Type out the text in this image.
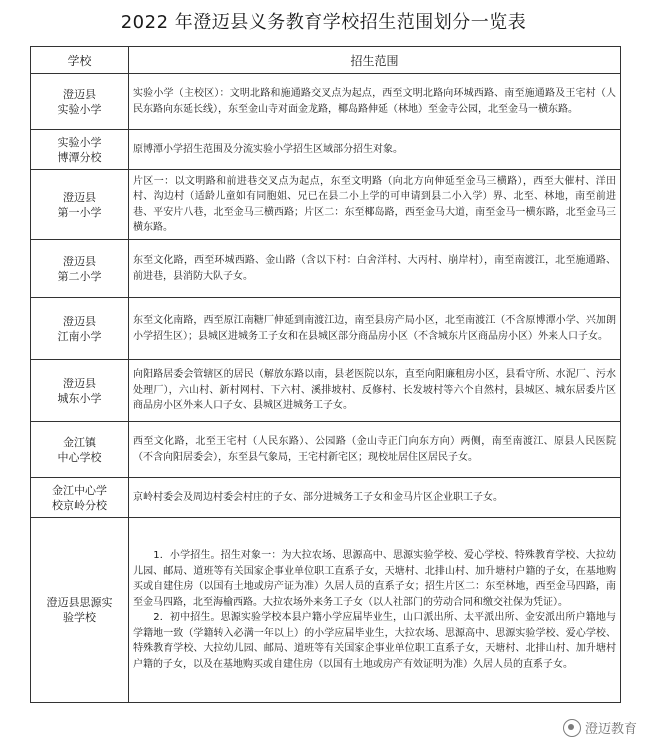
2022 年澄迈县义务教育学校招生范围划分一览表
学校	招生范围
澄迈县
实验小学	实验小学（主校区）：文明北路和施通路交叉点为起点，西至文明北路向环城西路、南至施通路及王宅村（人民东路向东延长线），东至金山寺对面金龙路，椰岛路伸延（林地）至金寺公园，北至金马一横东路。
实验小学
博潭分校	原博潭小学招生范围及分流实验小学招生区域部分招生对象。
澄迈县
第一小学	片区一：以文明路和前进巷交叉点为起点，东至文明路（向北方向伸延至金马三横路），西至大催村、洋田村、沟边村（适龄儿童如有同胞姐、兄已在县二小上学的可申请到县二小入学）界、北至、林地，南至前进巷、平安片八巷，北至金马三横西路；片区二：东至椰岛路，西至金马大道，南至金马一横东路，北至金马三横东路。
澄迈县
第二小学	东至文化路，西至环城西路、金山路（含以下村：白舍洋村、大丙村、崩岸村），南至南渡江，北至施通路、前进巷，县消防大队子女。
澄迈县
江南小学	东至文化南路，西至原江南糖厂伸延到南渡江边，南至县房产局小区，北至南渡江（不含原博潭小学、兴加朗小学招生区）；县城区进城务工子女和在县城区部分商品房小区（不含城东片区商品房小区）外来人口子女。
澄迈县
城东小学	向阳路居委会管辖区的居民（解放东路以南，县老医院以东，直至向阳廉租房小区，县看守所、水泥厂、污水处理厂），六山村、新村网村、下六村、溪排坡村、反修村、长发坡村等六个自然村，县城区、城东居委片区商品房小区外来人口子女、县城区进城务工子女。
金江镇
中心学校	西至文化路，北至王宅村（人民东路）、公园路（金山寺正门向东方向）两侧，南至南渡江、原县人民医院（不含向阳居委会），东至县气象局，王宅村新宅区；现校址居住区居民子女。
金江中心学
校京岭分校	京岭村委会及周边村委会村庄的子女、部分进城务工子女和金马片区企业职工子女。
澄迈县思源实
验学校	　　1．小学招生。招生对象一：为大拉农场、思源高中、思源实验学校、爱心学校、特殊教育学校、大拉幼儿园、邮局、道班等有关国家企事业单位职工直系子女，天塘村、北排山村、加升塘村户籍的子女，在基地购买或自建住房（以国有土地或房产证为准）久居人员的直系子女；招生片区二：东至林地，西至金马四路，南至金马四路，北至海榆西路。大拉农场外来务工子女（以人社部门的劳动合同和缴交社保为凭证）。
　　2．初中招生。思源实验学校本县户籍小学应届毕业生，山口派出所、太平派出所、金安派出所户籍地与学籍地一致（学籍转入必满一年以上）的小学应届毕业生，大拉农场、思源高中、思源实验学校、爱心学校、特殊教育学校、大拉幼儿园、邮局、道班等有关国家企事业单位职工直系子女，天塘村、北排山村、加升塘村户籍的子女，以及在基地购买或自建住房（以国有土地或房产有效证明为准）久居人员的直系子女。
澄迈教育
